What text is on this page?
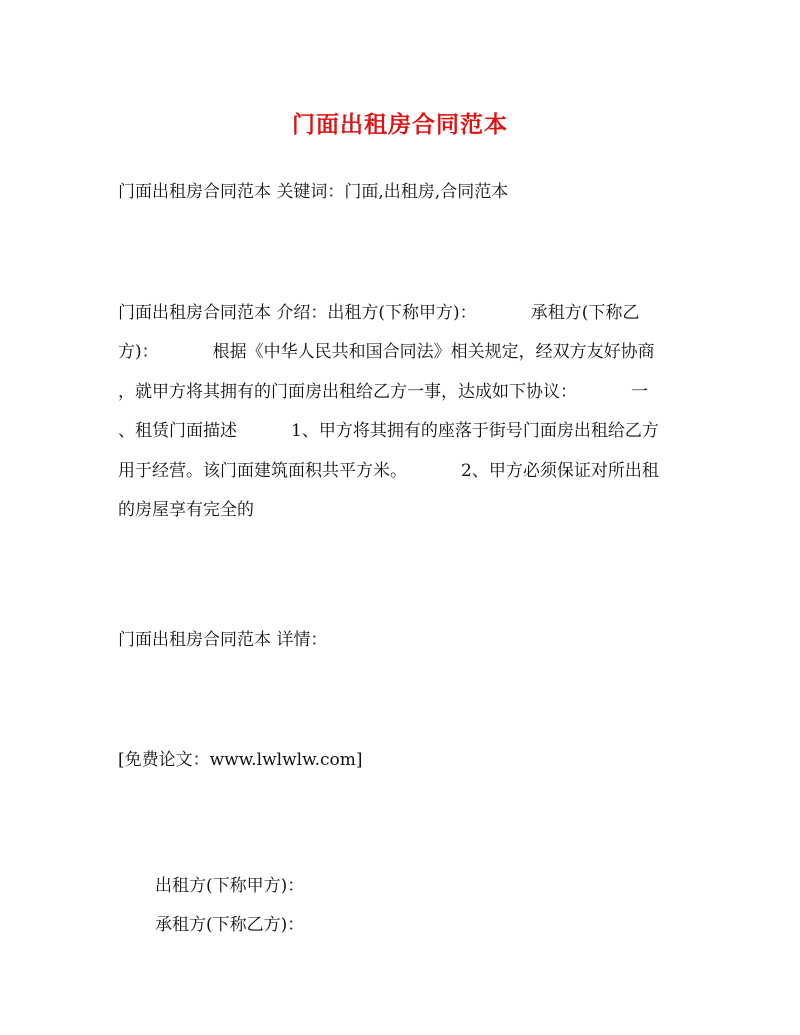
门面出租房合同范本
门面出租房合同范本 关键词：门面,出租房,合同范本
门面出租房合同范本 介绍：出租方(下称甲方)：          承租方(下称乙
方)：          根据《中华人民共和国合同法》相关规定，经双方友好协商
，就甲方将其拥有的门面房出租给乙方一事，达成如下协议：          一
、租赁门面描述          1、甲方将其拥有的座落于街号门面房出租给乙方
用于经营。该门面建筑面积共平方米。          2、甲方必须保证对所出租
的房屋享有完全的
门面出租房合同范本 详情：
[免费论文：www.lwlwlw.com]
出租方(下称甲方)：
承租方(下称乙方)：
